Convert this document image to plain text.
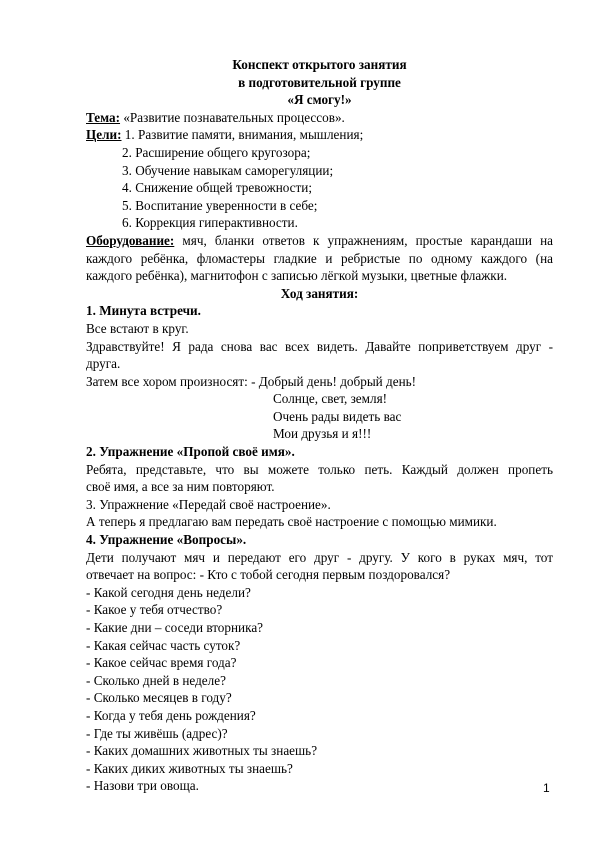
Конспект открытого занятия
в подготовительной группе
«Я смогу!»
Тема: «Развитие познавательных процессов».
Цели: 1. Развитие памяти, внимания, мышления;
2. Расширение общего кругозора;
3. Обучение навыкам саморегуляции;
4. Снижение общей тревожности;
5. Воспитание уверенности в себе;
6. Коррекция гиперактивности.
Оборудование: мяч, бланки ответов к упражнениям, простые карандаши на
каждого ребёнка, фломастеры гладкие и ребристые по одному каждого (на
каждого ребёнка), магнитофон с записью лёгкой музыки, цветные флажки.
Ход занятия:
1. Минута встречи.
Все встают в круг.
Здравствуйте! Я рада снова вас всех видеть. Давайте поприветствуем друг -
друга.
Затем все хором произносят: - Добрый день! добрый день!
Солнце, свет, земля!
Очень рады видеть вас
Мои друзья и я!!!
2. Упражнение «Пропой своё имя».
Ребята, представьте, что вы можете только петь. Каждый должен пропеть
своё имя, а все за ним повторяют.
3. Упражнение «Передай своё настроение».
А теперь я предлагаю вам передать своё настроение с помощью мимики.
4. Упражнение «Вопросы».
Дети получают мяч и передают его друг - другу. У кого в руках мяч, тот
отвечает на вопрос: - Кто с тобой сегодня первым поздоровался?
- Какой сегодня день недели?
- Какое у тебя отчество?
- Какие дни – соседи вторника?
- Какая сейчас часть суток?
- Какое сейчас время года?
- Сколько дней в неделе?
- Сколько месяцев в году?
- Когда у тебя день рождения?
- Где ты живёшь (адрес)?
- Каких домашних животных ты знаешь?
- Каких диких животных ты знаешь?
- Назови три овоща.	1
